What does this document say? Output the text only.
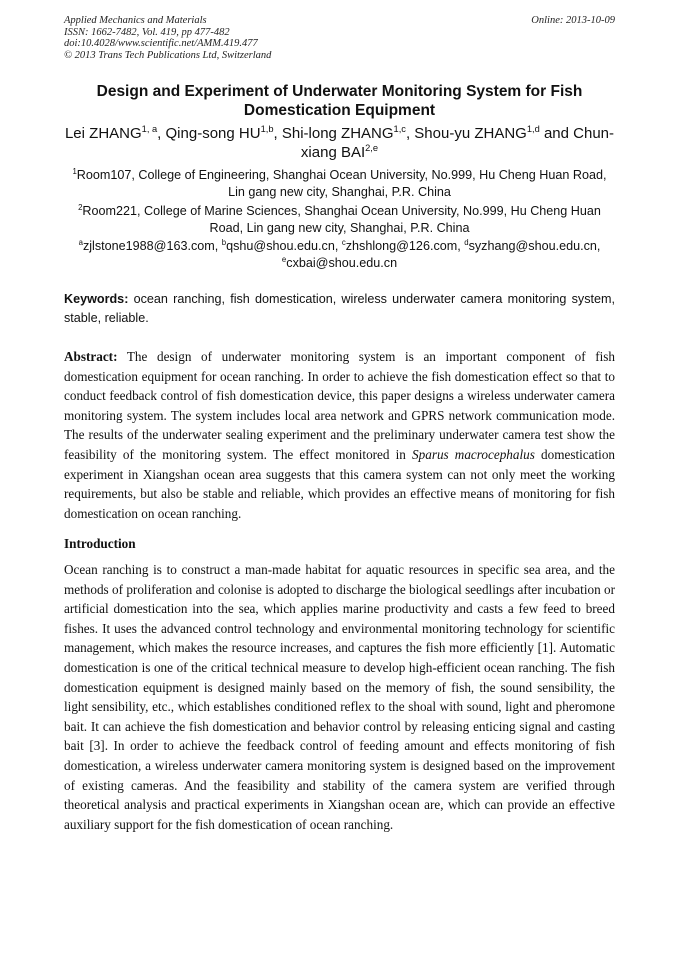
Applied Mechanics and Materials
ISSN: 1662-7482, Vol. 419, pp 477-482
doi:10.4028/www.scientific.net/AMM.419.477
© 2013 Trans Tech Publications Ltd, Switzerland
Online: 2013-10-09
Design and Experiment of Underwater Monitoring System for Fish Domestication Equipment
Lei ZHANG$^{1, a}$, Qing-song HU$^{1,b}$, Shi-long ZHANG$^{1,c}$, Shou-yu ZHANG$^{1,d}$ and Chun-xiang BAI$^{2,e}$
$^1$Room107, College of Engineering, Shanghai Ocean University, No.999, Hu Cheng Huan Road, Lin gang new city, Shanghai, P.R. China
$^2$Room221, College of Marine Sciences, Shanghai Ocean University, No.999, Hu Cheng Huan Road, Lin gang new city, Shanghai, P.R. China
$^a$zjlstone1988@163.com, $^b$qshu@shou.edu.cn, $^c$zhshlong@126.com, $^d$syzhang@shou.edu.cn, $^e$cxbai@shou.edu.cn
Keywords: ocean ranching, fish domestication, wireless underwater camera monitoring system, stable, reliable.
Abstract: The design of underwater monitoring system is an important component of fish domestication equipment for ocean ranching. In order to achieve the fish domestication effect so that to conduct feedback control of fish domestication device, this paper designs a wireless underwater camera monitoring system. The system includes local area network and GPRS network communication mode. The results of the underwater sealing experiment and the preliminary underwater camera test show the feasibility of the monitoring system. The effect monitored in Sparus macrocephalus domestication experiment in Xiangshan ocean area suggests that this camera system can not only meet the working requirements, but also be stable and reliable, which provides an effective means of monitoring for fish domestication on ocean ranching.
Introduction
Ocean ranching is to construct a man-made habitat for aquatic resources in specific sea area, and the methods of proliferation and colonise is adopted to discharge the biological seedlings after incubation or artificial domestication into the sea, which applies marine productivity and casts a few feed to breed fishes. It uses the advanced control technology and environmental monitoring technology for scientific management, which makes the resource increases, and captures the fish more efficiently [1]. Automatic domestication is one of the critical technical measure to develop high-efficient ocean ranching. The fish domestication equipment is designed mainly based on the memory of fish, the sound sensibility, the light sensibility, etc., which establishes conditioned reflex to the shoal with sound, light and pheromone bait. It can achieve the fish domestication and behavior control by releasing enticing signal and casting bait [3]. In order to achieve the feedback control of feeding amount and effects monitoring of fish domestication, a wireless underwater camera monitoring system is designed based on the improvement of existing cameras. And the feasibility and stability of the camera system are verified through theoretical analysis and practical experiments in Xiangshan ocean are, which can provide an effective auxiliary support for the fish domestication of ocean ranching.
